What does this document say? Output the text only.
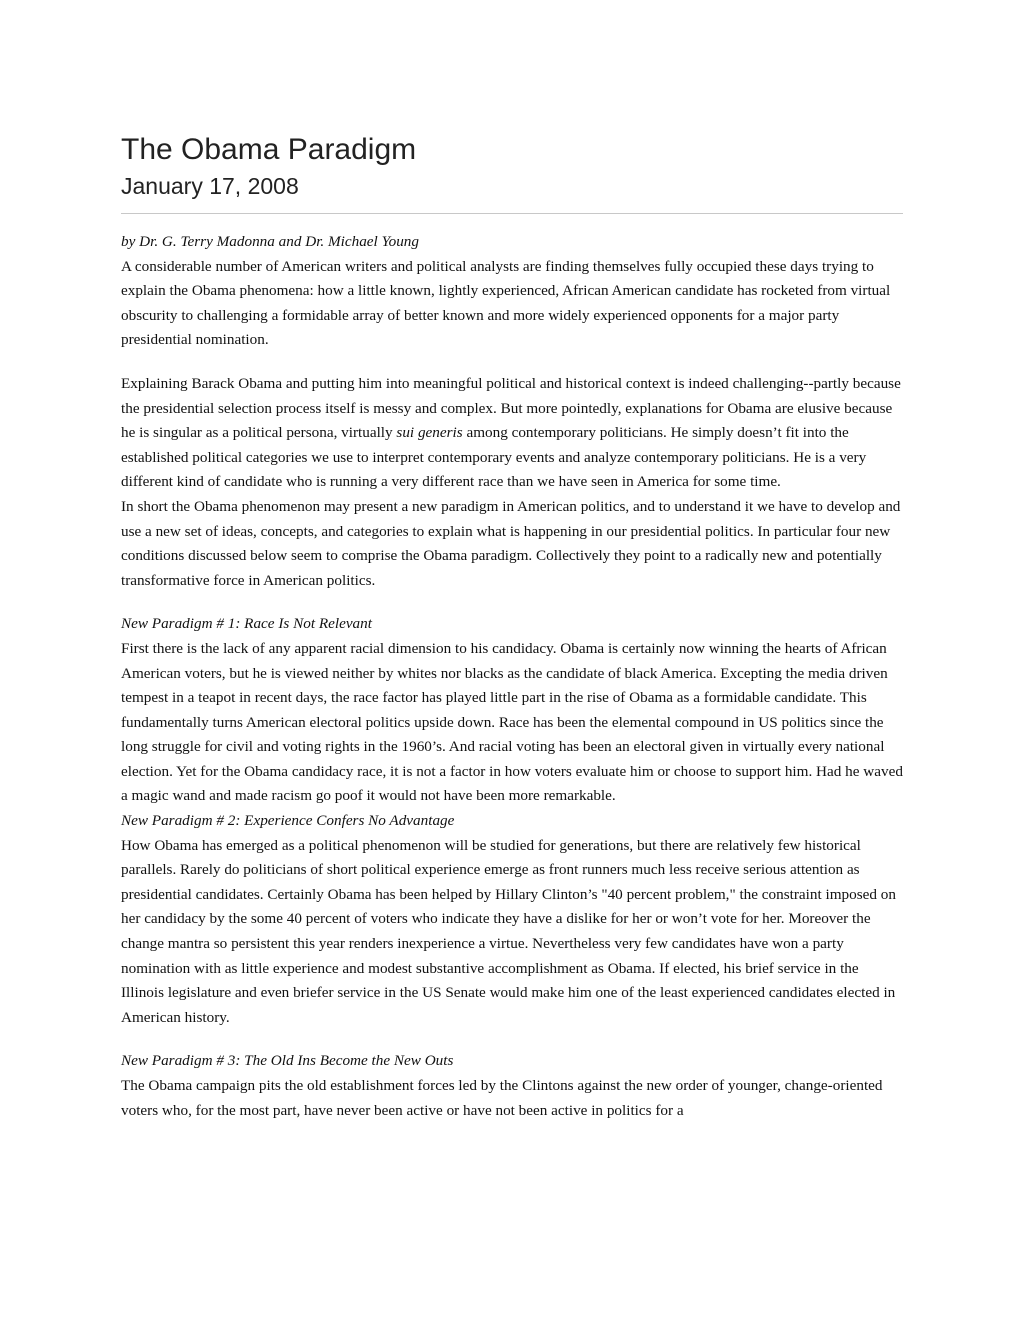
The Obama Paradigm
January 17, 2008

by Dr. G. Terry Madonna and Dr. Michael Young

A considerable number of American writers and political analysts are finding themselves fully occupied these days trying to explain the Obama phenomena: how a little known, lightly experienced, African American candidate has rocketed from virtual obscurity to challenging a formidable array of better known and more widely experienced opponents for a major party presidential nomination.

Explaining Barack Obama and putting him into meaningful political and historical context is indeed challenging--partly because the presidential selection process itself is messy and complex. But more pointedly, explanations for Obama are elusive because he is singular as a political persona, virtually sui generis among contemporary politicians. He simply doesn’t fit into the established political categories we use to interpret contemporary events and analyze contemporary politicians. He is a very different kind of candidate who is running a very different race than we have seen in America for some time.

In short the Obama phenomenon may present a new paradigm in American politics, and to understand it we have to develop and use a new set of ideas, concepts, and categories to explain what is happening in our presidential politics. In particular four new conditions discussed below seem to comprise the Obama paradigm. Collectively they point to a radically new and potentially transformative force in American politics.

New Paradigm # 1: Race Is Not Relevant

First there is the lack of any apparent racial dimension to his candidacy. Obama is certainly now winning the hearts of African American voters, but he is viewed neither by whites nor blacks as the candidate of black America. Excepting the media driven tempest in a teapot in recent days, the race factor has played little part in the rise of Obama as a formidable candidate. This fundamentally turns American electoral politics upside down. Race has been the elemental compound in US politics since the long struggle for civil and voting rights in the 1960’s. And racial voting has been an electoral given in virtually every national election. Yet for the Obama candidacy race, it is not a factor in how voters evaluate him or choose to support him. Had he waved a magic wand and made racism go poof it would not have been more remarkable.

New Paradigm # 2: Experience Confers No Advantage

How Obama has emerged as a political phenomenon will be studied for generations, but there are relatively few historical parallels. Rarely do politicians of short political experience emerge as front runners much less receive serious attention as presidential candidates. Certainly Obama has been helped by Hillary Clinton’s "40 percent problem," the constraint imposed on her candidacy by the some 40 percent of voters who indicate they have a dislike for her or won’t vote for her. Moreover the change mantra so persistent this year renders inexperience a virtue. Nevertheless very few candidates have won a party nomination with as little experience and modest substantive accomplishment as Obama. If elected, his brief service in the Illinois legislature and even briefer service in the US Senate would make him one of the least experienced candidates elected in American history.

New Paradigm # 3: The Old Ins Become the New Outs

The Obama campaign pits the old establishment forces led by the Clintons against the new order of younger, change-oriented voters who, for the most part, have never been active or have not been active in politics for a
